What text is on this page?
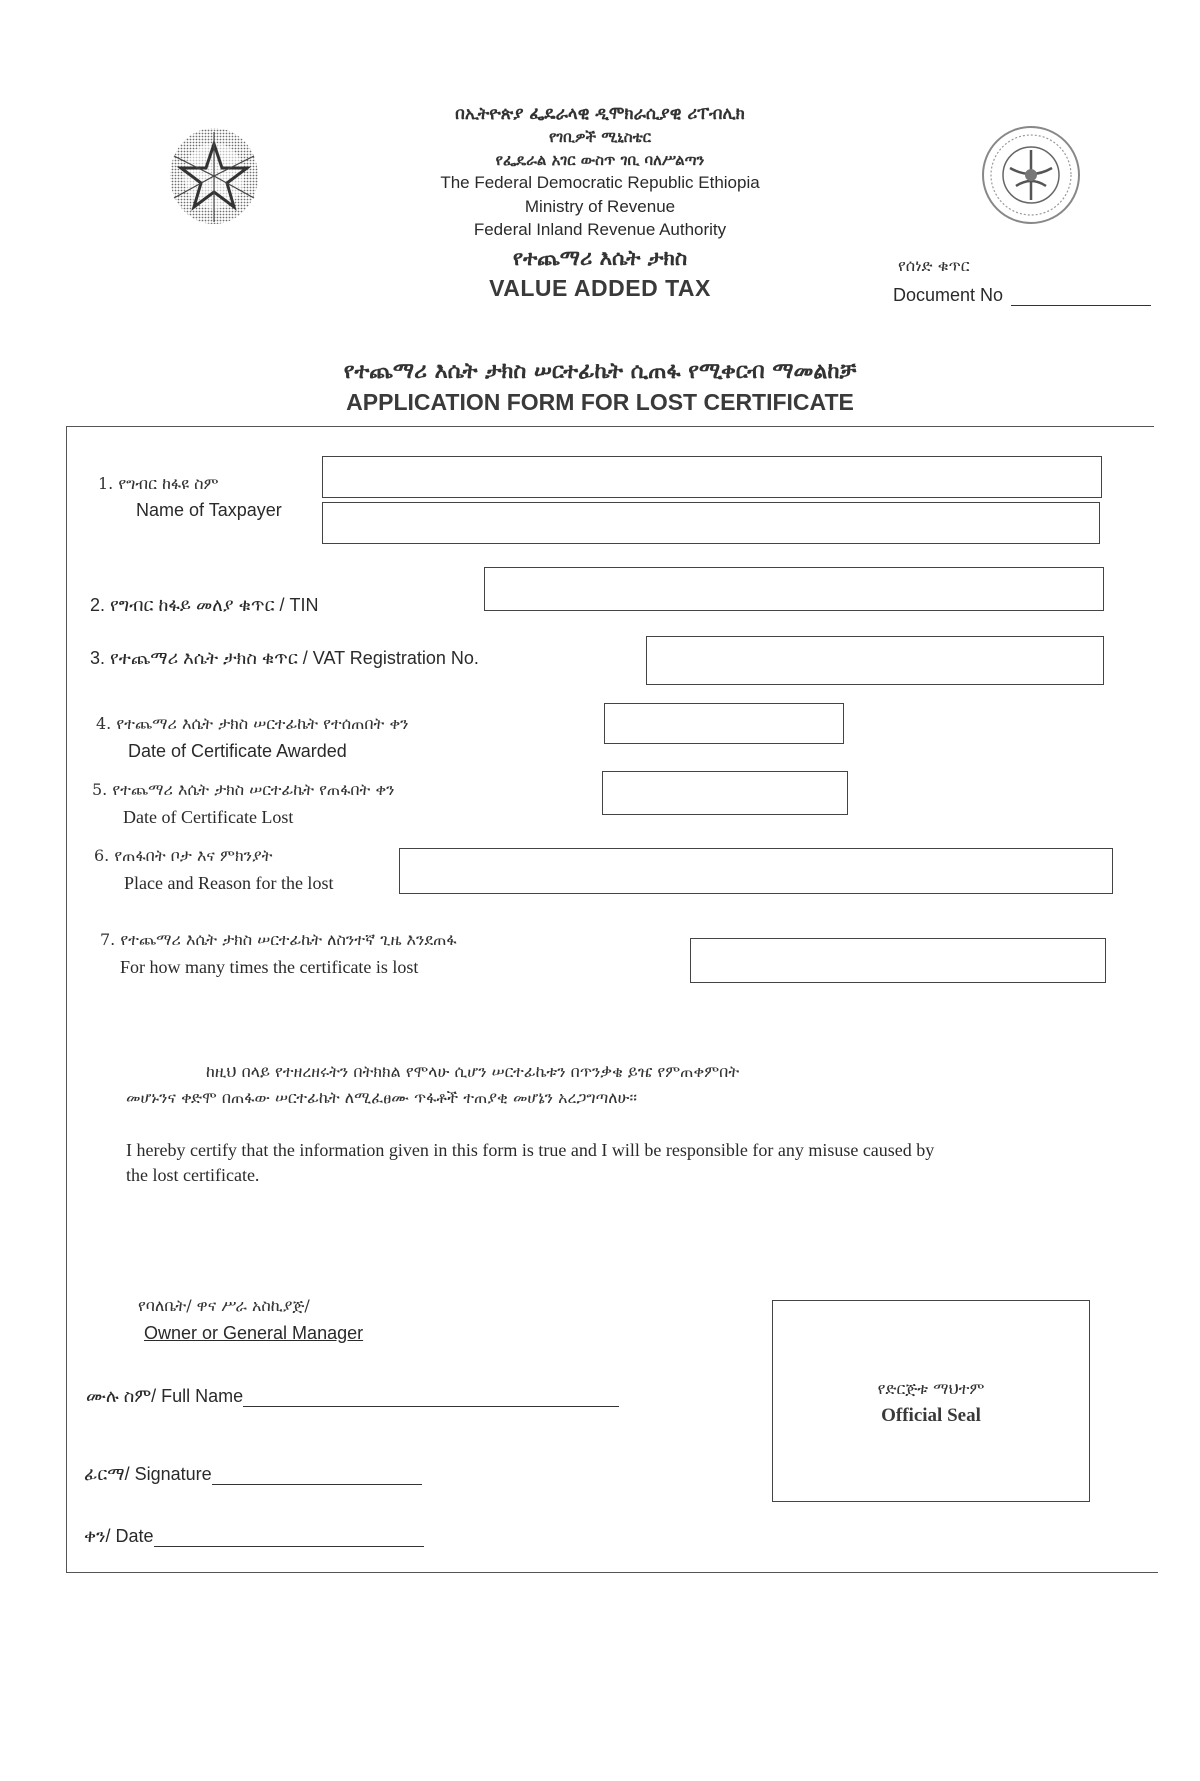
በኢትዮጵያ ፌዴራላዊ ዲሞክራሲያዊ ሪፐብሊክ
የገቢዎች ሚኒስቴር
የፌዴራል አገር ውስጥ ገቢ ባለሥልጣን
The Federal Democratic Republic Ethiopia
Ministry of Revenue
Federal Inland Revenue Authority
የተጨማሪ እሴት ታክስ
VALUE ADDED TAX
የሰነድ ቁጥር
Document No
የተጨማሪ እሴት ታክስ ሠርተፊኬት ሲጠፋ የሚቀርብ ማመልከቻ
APPLICATION FORM FOR LOST CERTIFICATE
1. የግብር ከፋዩ ስም
Name of Taxpayer
2. የግብር ከፋይ መለያ ቁጥር / TIN
3. የተጨማሪ እሴት ታክስ ቁጥር / VAT Registration No.
4. የተጨማሪ እሴት ታክስ ሠርተፊኬት የተሰጠበት ቀን
Date of Certificate Awarded
5. የተጨማሪ እሴት ታክስ ሠርተፊኬት የጠፋበት ቀን
Date of Certificate Lost
6. የጠፋበት ቦታ እና ምክንያት
Place and Reason for the lost
7. የተጨማሪ እሴት ታክስ ሠርተፊኬት ለስንተኛ ጊዜ እንደጠፋ
For how many times the certificate is lost
ከዚህ በላይ የተዘረዘሩትን በትክክል የሞላሁ ሲሆን ሠርተፊኬቱን በጥንቃቄ ይዤ የምጠቀምበት
መሆኑንና ቀድሞ በጠፋው ሠርተፊኬት ለሚፈፀሙ ጥፋቶች ተጠያቂ መሆኔን አረጋግጣለሁ፡፡
I hereby certify that the information given in this form is true and I will be responsible for any misuse caused by
the lost certificate.
የባለቤት/ ዋና ሥራ አስኪያጅ/
Owner or General Manager
ሙሉ ስም/ Full Name
ፊርማ/ Signature
ቀን/ Date
የድርጅቱ ማህተም
Official Seal
